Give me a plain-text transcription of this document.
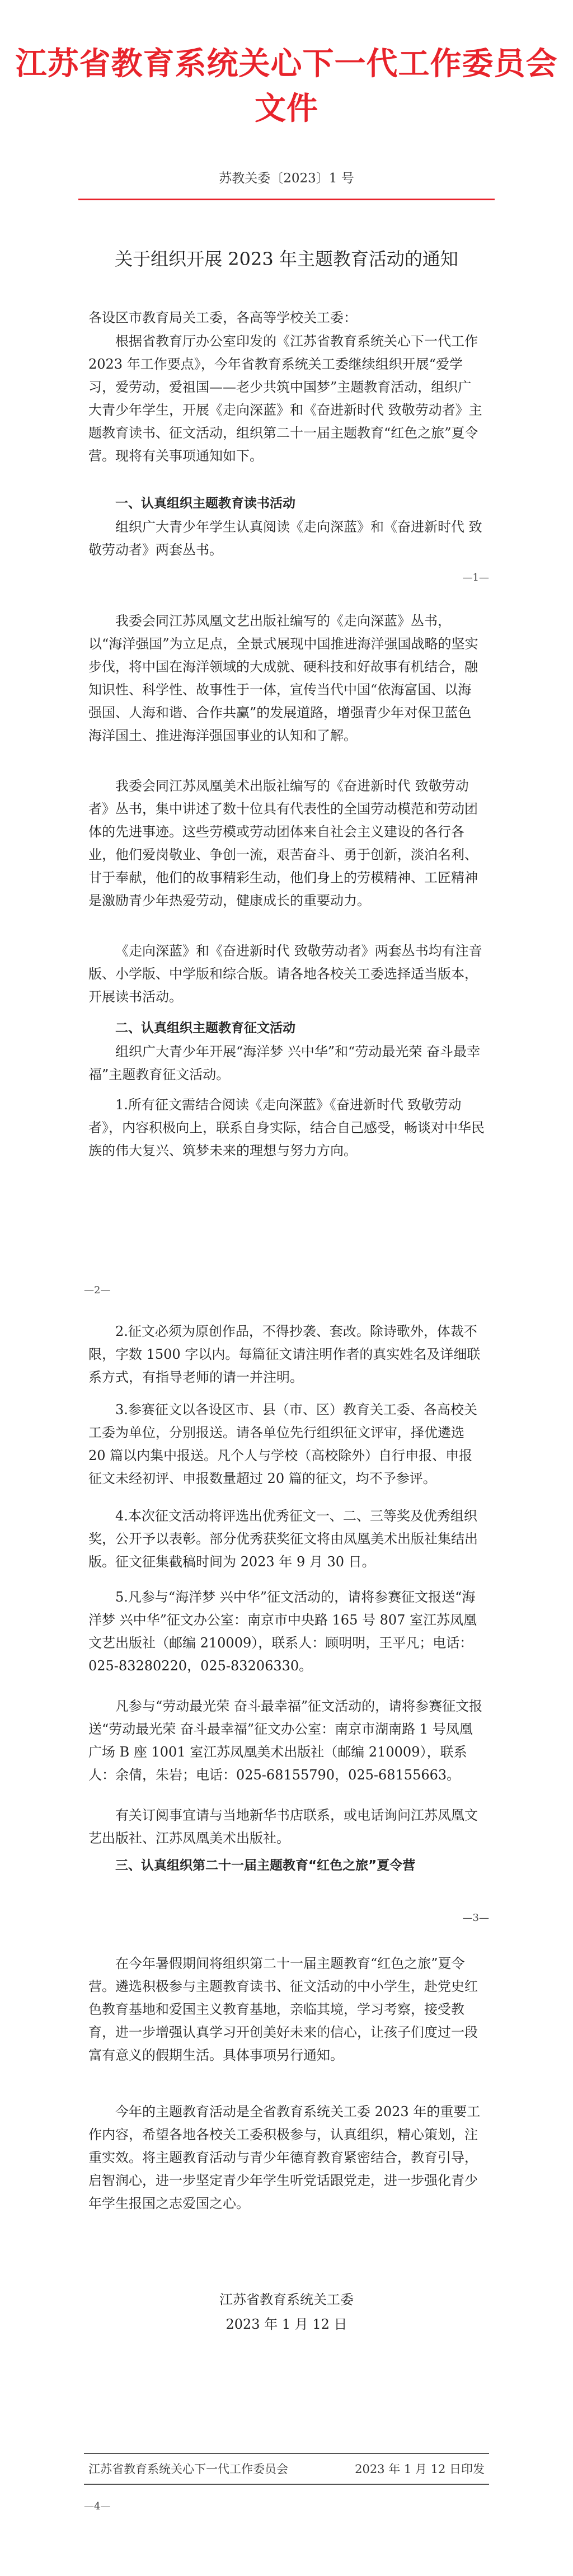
江苏省教育系统关心下一代工作委员会文件
苏教关委〔2023〕1 号
关于组织开展 2023 年主题教育活动的通知
各设区市教育局关工委，各高等学校关工委：
根据省教育厅办公室印发的《江苏省教育系统关心下一代工作 2023 年工作要点》，今年省教育系统关工委继续组织开展“爱学习，爱劳动，爱祖国——老少共筑中国梦”主题教育活动，组织广大青少年学生，开展《走向深蓝》和《奋进新时代 致敬劳动者》主题教育读书、征文活动，组织第二十一届主题教育“红色之旅”夏令营。现将有关事项通知如下。
一、认真组织主题教育读书活动
组织广大青少年学生认真阅读《走向深蓝》和《奋进新时代 致敬劳动者》两套丛书。
—1—
我委会同江苏凤凰文艺出版社编写的《走向深蓝》丛书，以“海洋强国”为立足点，全景式展现中国推进海洋强国战略的坚实步伐，将中国在海洋领域的大成就、硬科技和好故事有机结合，融知识性、科学性、故事性于一体，宣传当代中国“依海富国、以海强国、人海和谐、合作共赢”的发展道路，增强青少年对保卫蓝色海洋国土、推进海洋强国事业的认知和了解。
我委会同江苏凤凰美术出版社编写的《奋进新时代 致敬劳动者》丛书，集中讲述了数十位具有代表性的全国劳动模范和劳动团体的先进事迹。这些劳模或劳动团体来自社会主义建设的各行各业，他们爱岗敬业、争创一流，艰苦奋斗、勇于创新，淡泊名利、甘于奉献，他们的故事精彩生动，他们身上的劳模精神、工匠精神是激励青少年热爱劳动，健康成长的重要动力。
《走向深蓝》和《奋进新时代 致敬劳动者》两套丛书均有注音版、小学版、中学版和综合版。请各地各校关工委选择适当版本，开展读书活动。
二、认真组织主题教育征文活动
组织广大青少年开展“海洋梦 兴中华”和“劳动最光荣 奋斗最幸福”主题教育征文活动。
1.所有征文需结合阅读《走向深蓝》《奋进新时代 致敬劳动者》，内容积极向上，联系自身实际，结合自己感受，畅谈对中华民族的伟大复兴、筑梦未来的理想与努力方向。
—2—
2.征文必须为原创作品，不得抄袭、套改。除诗歌外，体裁不限，字数 1500 字以内。每篇征文请注明作者的真实姓名及详细联系方式，有指导老师的请一并注明。
3.参赛征文以各设区市、县（市、区）教育关工委、各高校关工委为单位，分别报送。请各单位先行组织征文评审，择优遴选 20 篇以内集中报送。凡个人与学校（高校除外）自行申报、申报征文未经初评、申报数量超过 20 篇的征文，均不予参评。
4.本次征文活动将评选出优秀征文一、二、三等奖及优秀组织奖，公开予以表彰。部分优秀获奖征文将由凤凰美术出版社集结出版。征文征集截稿时间为 2023 年 9 月 30 日。
5.凡参与“海洋梦 兴中华”征文活动的，请将参赛征文报送“海洋梦 兴中华”征文办公室：南京市中央路 165 号 807 室江苏凤凰文艺出版社（邮编 210009），联系人：顾明明，王平凡；电话：025-83280220，025-83206330。
凡参与“劳动最光荣 奋斗最幸福”征文活动的，请将参赛征文报送“劳动最光荣 奋斗最幸福”征文办公室：南京市湖南路 1 号凤凰广场 B 座 1001 室江苏凤凰美术出版社（邮编 210009），联系人：余倩，朱岩；电话：025-68155790，025-68155663。
有关订阅事宜请与当地新华书店联系，或电话询问江苏凤凰文艺出版社、江苏凤凰美术出版社。
三、认真组织第二十一届主题教育“红色之旅”夏令营
—3—
在今年暑假期间将组织第二十一届主题教育“红色之旅”夏令营。遴选积极参与主题教育读书、征文活动的中小学生，赴党史红色教育基地和爱国主义教育基地，亲临其境，学习考察，接受教育，进一步增强认真学习开创美好未来的信心，让孩子们度过一段富有意义的假期生活。具体事项另行通知。
今年的主题教育活动是全省教育系统关工委 2023 年的重要工作内容，希望各地各校关工委积极参与，认真组织，精心策划，注重实效。将主题教育活动与青少年德育教育紧密结合，教育引导，启智润心，进一步坚定青少年学生听党话跟党走，进一步强化青少年学生报国之志爱国之心。
江苏省教育系统关工委
2023 年 1 月 12 日
江苏省教育系统关心下一代工作委员会	2023 年 1 月 12 日印发
—4—
